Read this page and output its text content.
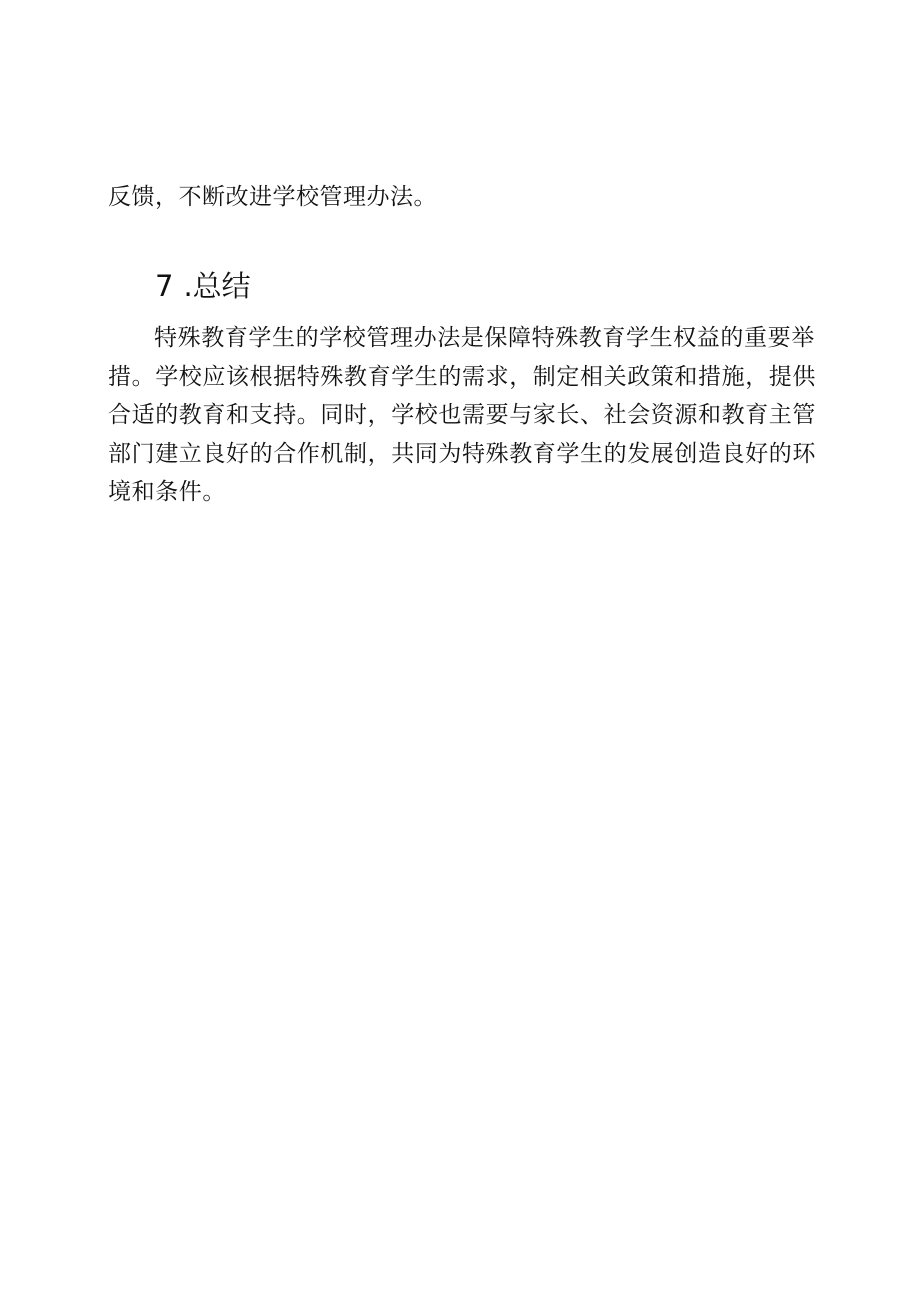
反馈，不断改进学校管理办法。
7 .总结
特殊教育学生的学校管理办法是保障特殊教育学生权益的重要举
措。学校应该根据特殊教育学生的需求，制定相关政策和措施，提供
合适的教育和支持。同时，学校也需要与家长、社会资源和教育主管
部门建立良好的合作机制，共同为特殊教育学生的发展创造良好的环
境和条件。
